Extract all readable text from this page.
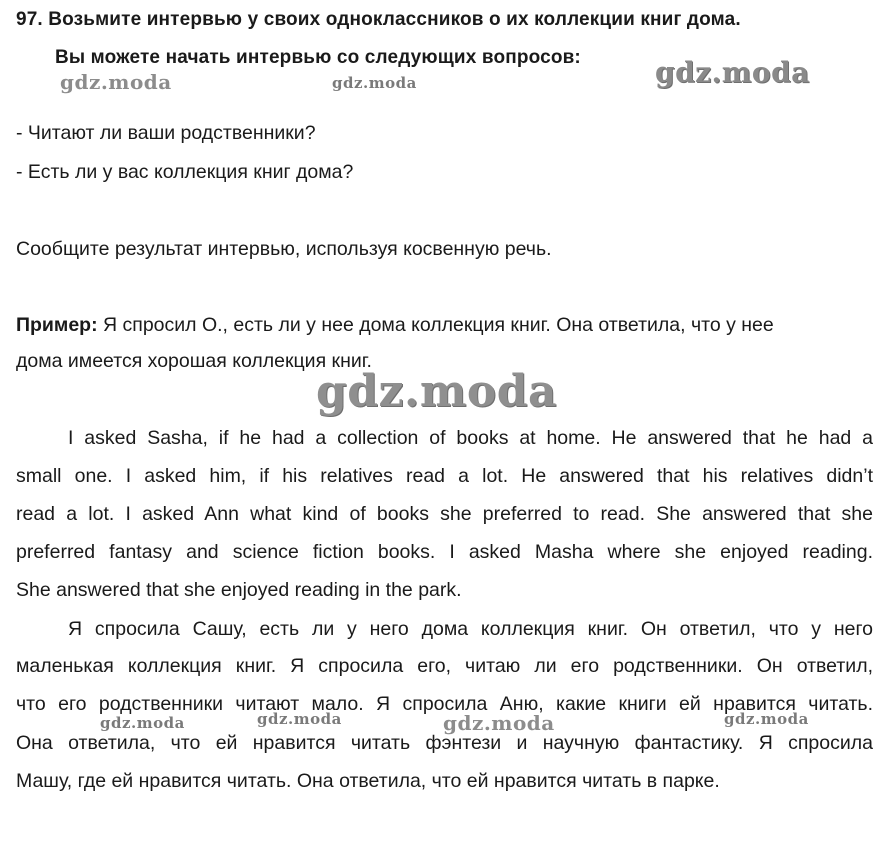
97. Возьмите интервью у своих одноклассников о их коллекции книг дома.
Вы можете начать интервью со следующих вопросов:
gdz.moda	gdz.moda	gdz.moda
- Читают ли ваши родственники?
- Есть ли у вас коллекция книг дома?
Сообщите результат интервью, используя косвенную речь.
Пример: Я спросил О., есть ли у нее дома коллекция книг. Она ответила, что у нее
дома имеется хорошая коллекция книг.
gdz.moda
I asked Sasha, if he had a collection of books at home. He answered that he had a
small one. I asked him, if his relatives read a lot. He answered that his relatives didn’t
read a lot. I asked Ann what kind of books she preferred to read. She answered that she
preferred fantasy and science fiction books. I asked Masha where she enjoyed reading.
She answered that she enjoyed reading in the park.
Я спросила Сашу, есть ли у него дома коллекция книг. Он ответил, что у него
маленькая коллекция книг. Я спросила его, читаю ли его родственники. Он ответил,
что его родственники читают мало. Я спросила Аню, какие книги ей нравится читать.
Она ответила, что ей нравится читать фэнтези и научную фантастику. Я спросила
Машу, где ей нравится читать. Она ответила, что ей нравится читать в парке.
gdz.moda	gdz.moda	gdz.moda	gdz.moda
